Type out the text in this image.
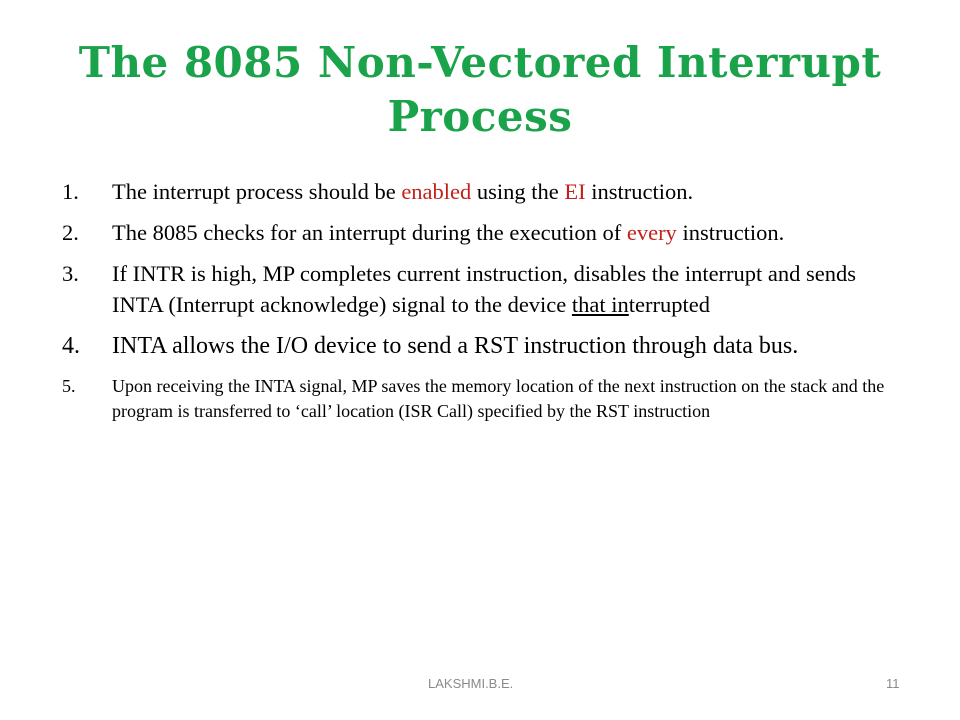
The 8085 Non-Vectored Interrupt
Process
1. The interrupt process should be enabled using the EI instruction.
2. The 8085 checks for an interrupt during the execution of every instruction.
3. If INTR is high, MP completes current instruction, disables the interrupt and sends INTA (Interrupt acknowledge) signal to the device that interrupted
4. INTA allows the I/O device to send a RST instruction through data bus.
5. Upon receiving the INTA signal, MP saves the memory location of the next instruction on the stack and the program is transferred to ‘call’ location (ISR Call) specified by the RST instruction
LAKSHMI.B.E.	11
